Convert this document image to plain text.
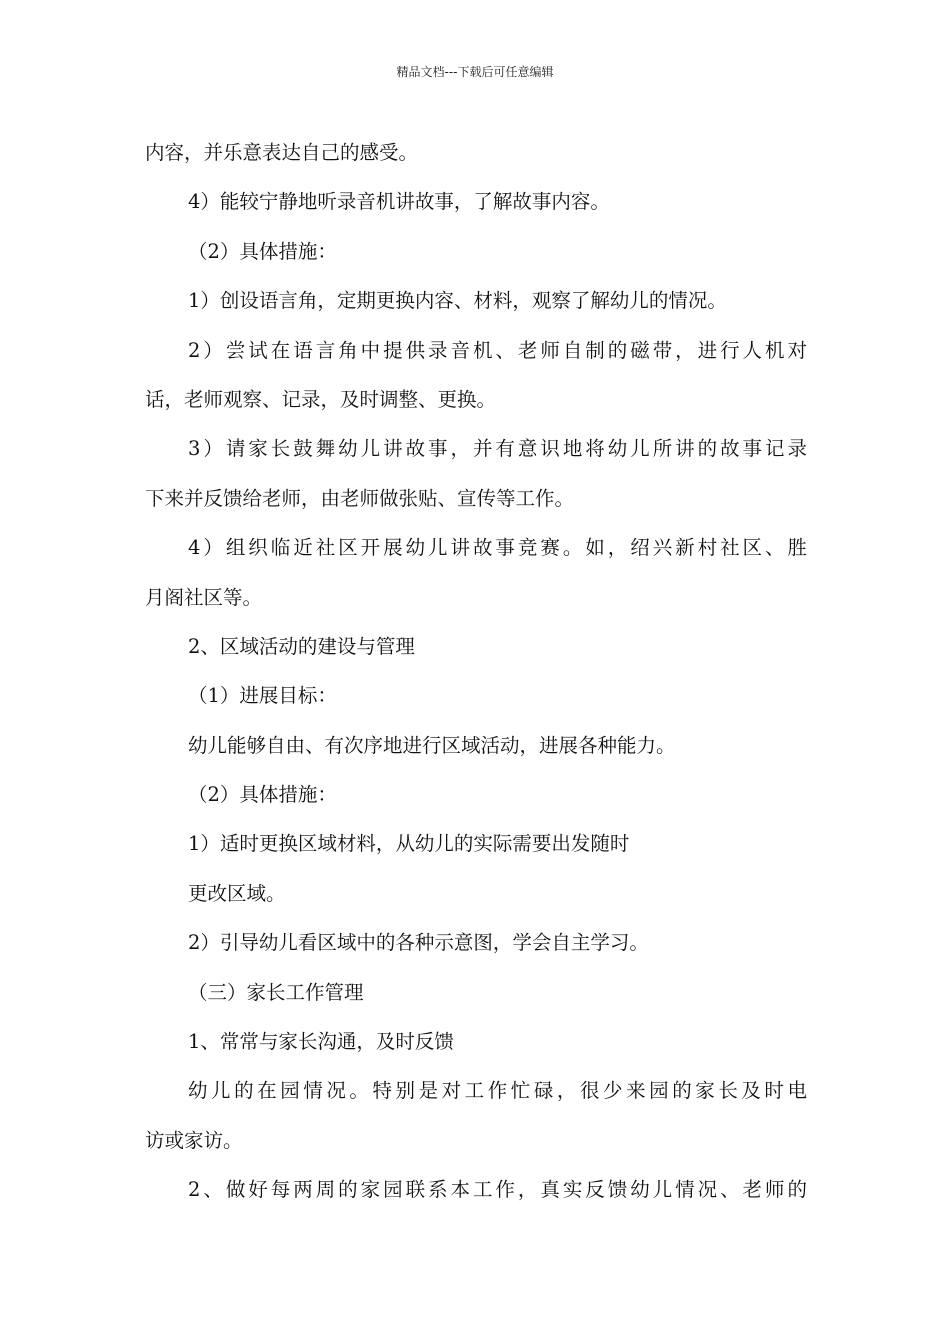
精品文档---下载后可任意编辑
内容，并乐意表达自己的感受。
4）能较宁静地听录音机讲故事，了解故事内容。
（2）具体措施：
1）创设语言角，定期更换内容、材料，观察了解幼儿的情况。
2）尝试在语言角中提供录音机、老师自制的磁带，进行人机对
话，老师观察、记录，及时调整、更换。
3）请家长鼓舞幼儿讲故事，并有意识地将幼儿所讲的故事记录
下来并反馈给老师，由老师做张贴、宣传等工作。
4）组织临近社区开展幼儿讲故事竞赛。如，绍兴新村社区、胜
月阁社区等。
2、区域活动的建设与管理
（1）进展目标：
幼儿能够自由、有次序地进行区域活动，进展各种能力。
（2）具体措施：
1）适时更换区域材料，从幼儿的实际需要出发随时
更改区域。
2）引导幼儿看区域中的各种示意图，学会自主学习。
（三）家长工作管理
1、常常与家长沟通，及时反馈
幼儿的在园情况。特别是对工作忙碌，很少来园的家长及时电
访或家访。
2、做好每两周的家园联系本工作，真实反馈幼儿情况、老师的
